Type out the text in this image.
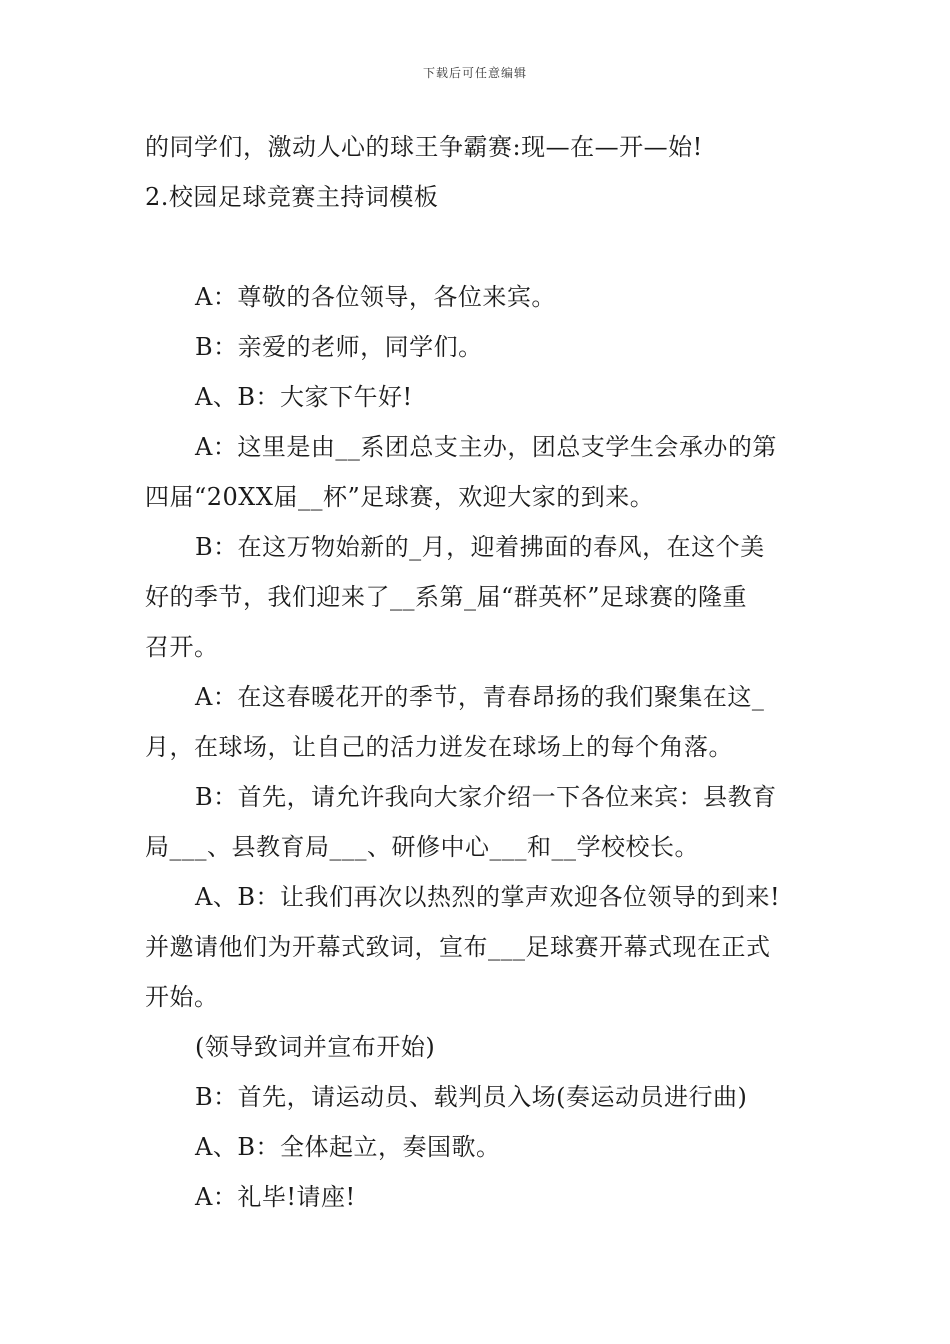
下载后可任意编辑
的同学们，激动人心的球王争霸赛:现—在—开—始!
2.校园足球竞赛主持词模板
A：尊敬的各位领导，各位来宾。
B：亲爱的老师，同学们。
A、B：大家下午好!
A：这里是由__系团总支主办，团总支学生会承办的第
四届“20XX届__杯”足球赛，欢迎大家的到来。
B：在这万物始新的_月，迎着拂面的春风，在这个美
好的季节，我们迎来了__系第_届“群英杯”足球赛的隆重
召开。
A：在这春暖花开的季节，青春昂扬的我们聚集在这_
月，在球场，让自己的活力迸发在球场上的每个角落。
B：首先，请允许我向大家介绍一下各位来宾：县教育
局___、县教育局___、研修中心___和__学校校长。
A、B：让我们再次以热烈的掌声欢迎各位领导的到来!
并邀请他们为开幕式致词，宣布___足球赛开幕式现在正式
开始。
(领导致词并宣布开始)
B：首先，请运动员、载判员入场(奏运动员进行曲)
A、B：全体起立，奏国歌。
A：礼毕!请座!
